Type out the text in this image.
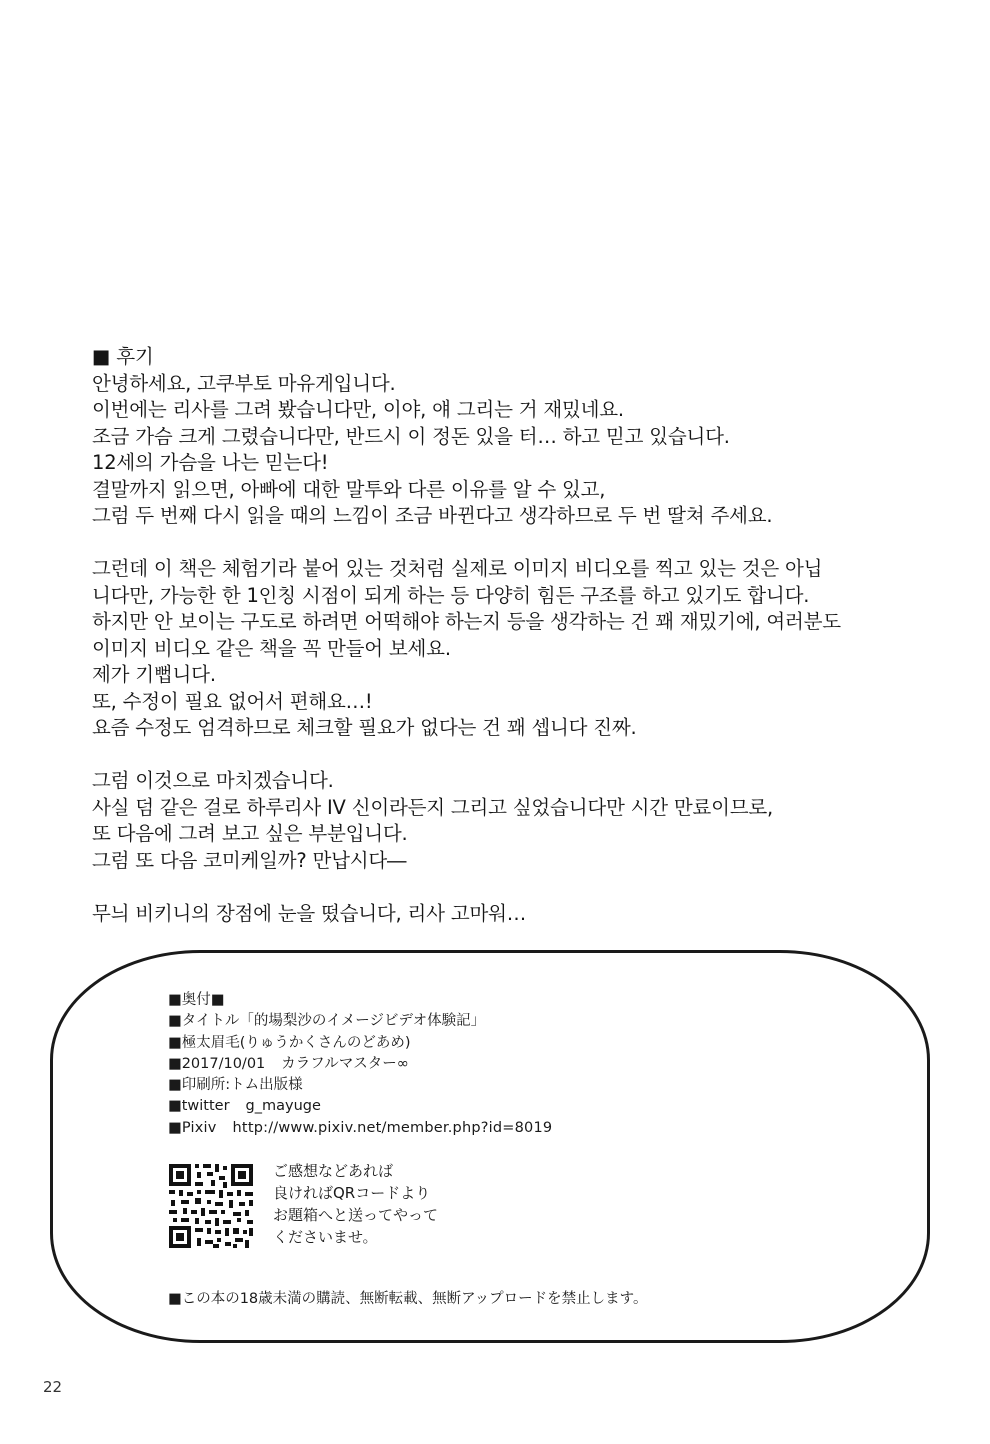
■ 후기
안녕하세요, 고쿠부토 마유게입니다.
이번에는 리사를 그려 봤습니다만, 이야, 얘 그리는 거 재밌네요.
조금 가슴 크게 그렸습니다만, 반드시 이 정돈 있을 터… 하고 믿고 있습니다.
12세의 가슴을 나는 믿는다!
결말까지 읽으면, 아빠에 대한 말투와 다른 이유를 알 수 있고,
그럼 두 번째 다시 읽을 때의 느낌이 조금 바뀐다고 생각하므로 두 번 딸쳐 주세요.
그런데 이 책은 체험기라 붙어 있는 것처럼 실제로 이미지 비디오를 찍고 있는 것은 아닙
니다만, 가능한 한 1인칭 시점이 되게 하는 등 다양히 힘든 구조를 하고 있기도 합니다.
하지만 안 보이는 구도로 하려면 어떡해야 하는지 등을 생각하는 건 꽤 재밌기에, 여러분도
이미지 비디오 같은 책을 꼭 만들어 보세요.
제가 기뻡니다.
또, 수정이 필요 없어서 편해요…!
요즘 수정도 엄격하므로 체크할 필요가 없다는 건 꽤 셉니다 진짜.
그럼 이것으로 마치겠습니다.
사실 덤 같은 걸로 하루리사 IV 신이라든지 그리고 싶었습니다만 시간 만료이므로,
또 다음에 그려 보고 싶은 부분입니다.
그럼 또 다음 코미케일까? 만납시다―
무늬 비키니의 장점에 눈을 떴습니다, 리사 고마워…
■奥付■
■タイトル「的場梨沙のイメージビデオ体験記」
■極太眉毛(りゅうかくさんのどあめ)
■2017/10/01 カラフルマスター∞
■印刷所:トム出版様
■twitter g_mayuge
■Pixiv http://www.pixiv.net/member.php?id=8019
ご感想などあれば
良ければQRコードより
お題箱へと送ってやって
くださいませ。
■この本の18歳未満の購読、無断転載、無断アップロードを禁止します。
22
